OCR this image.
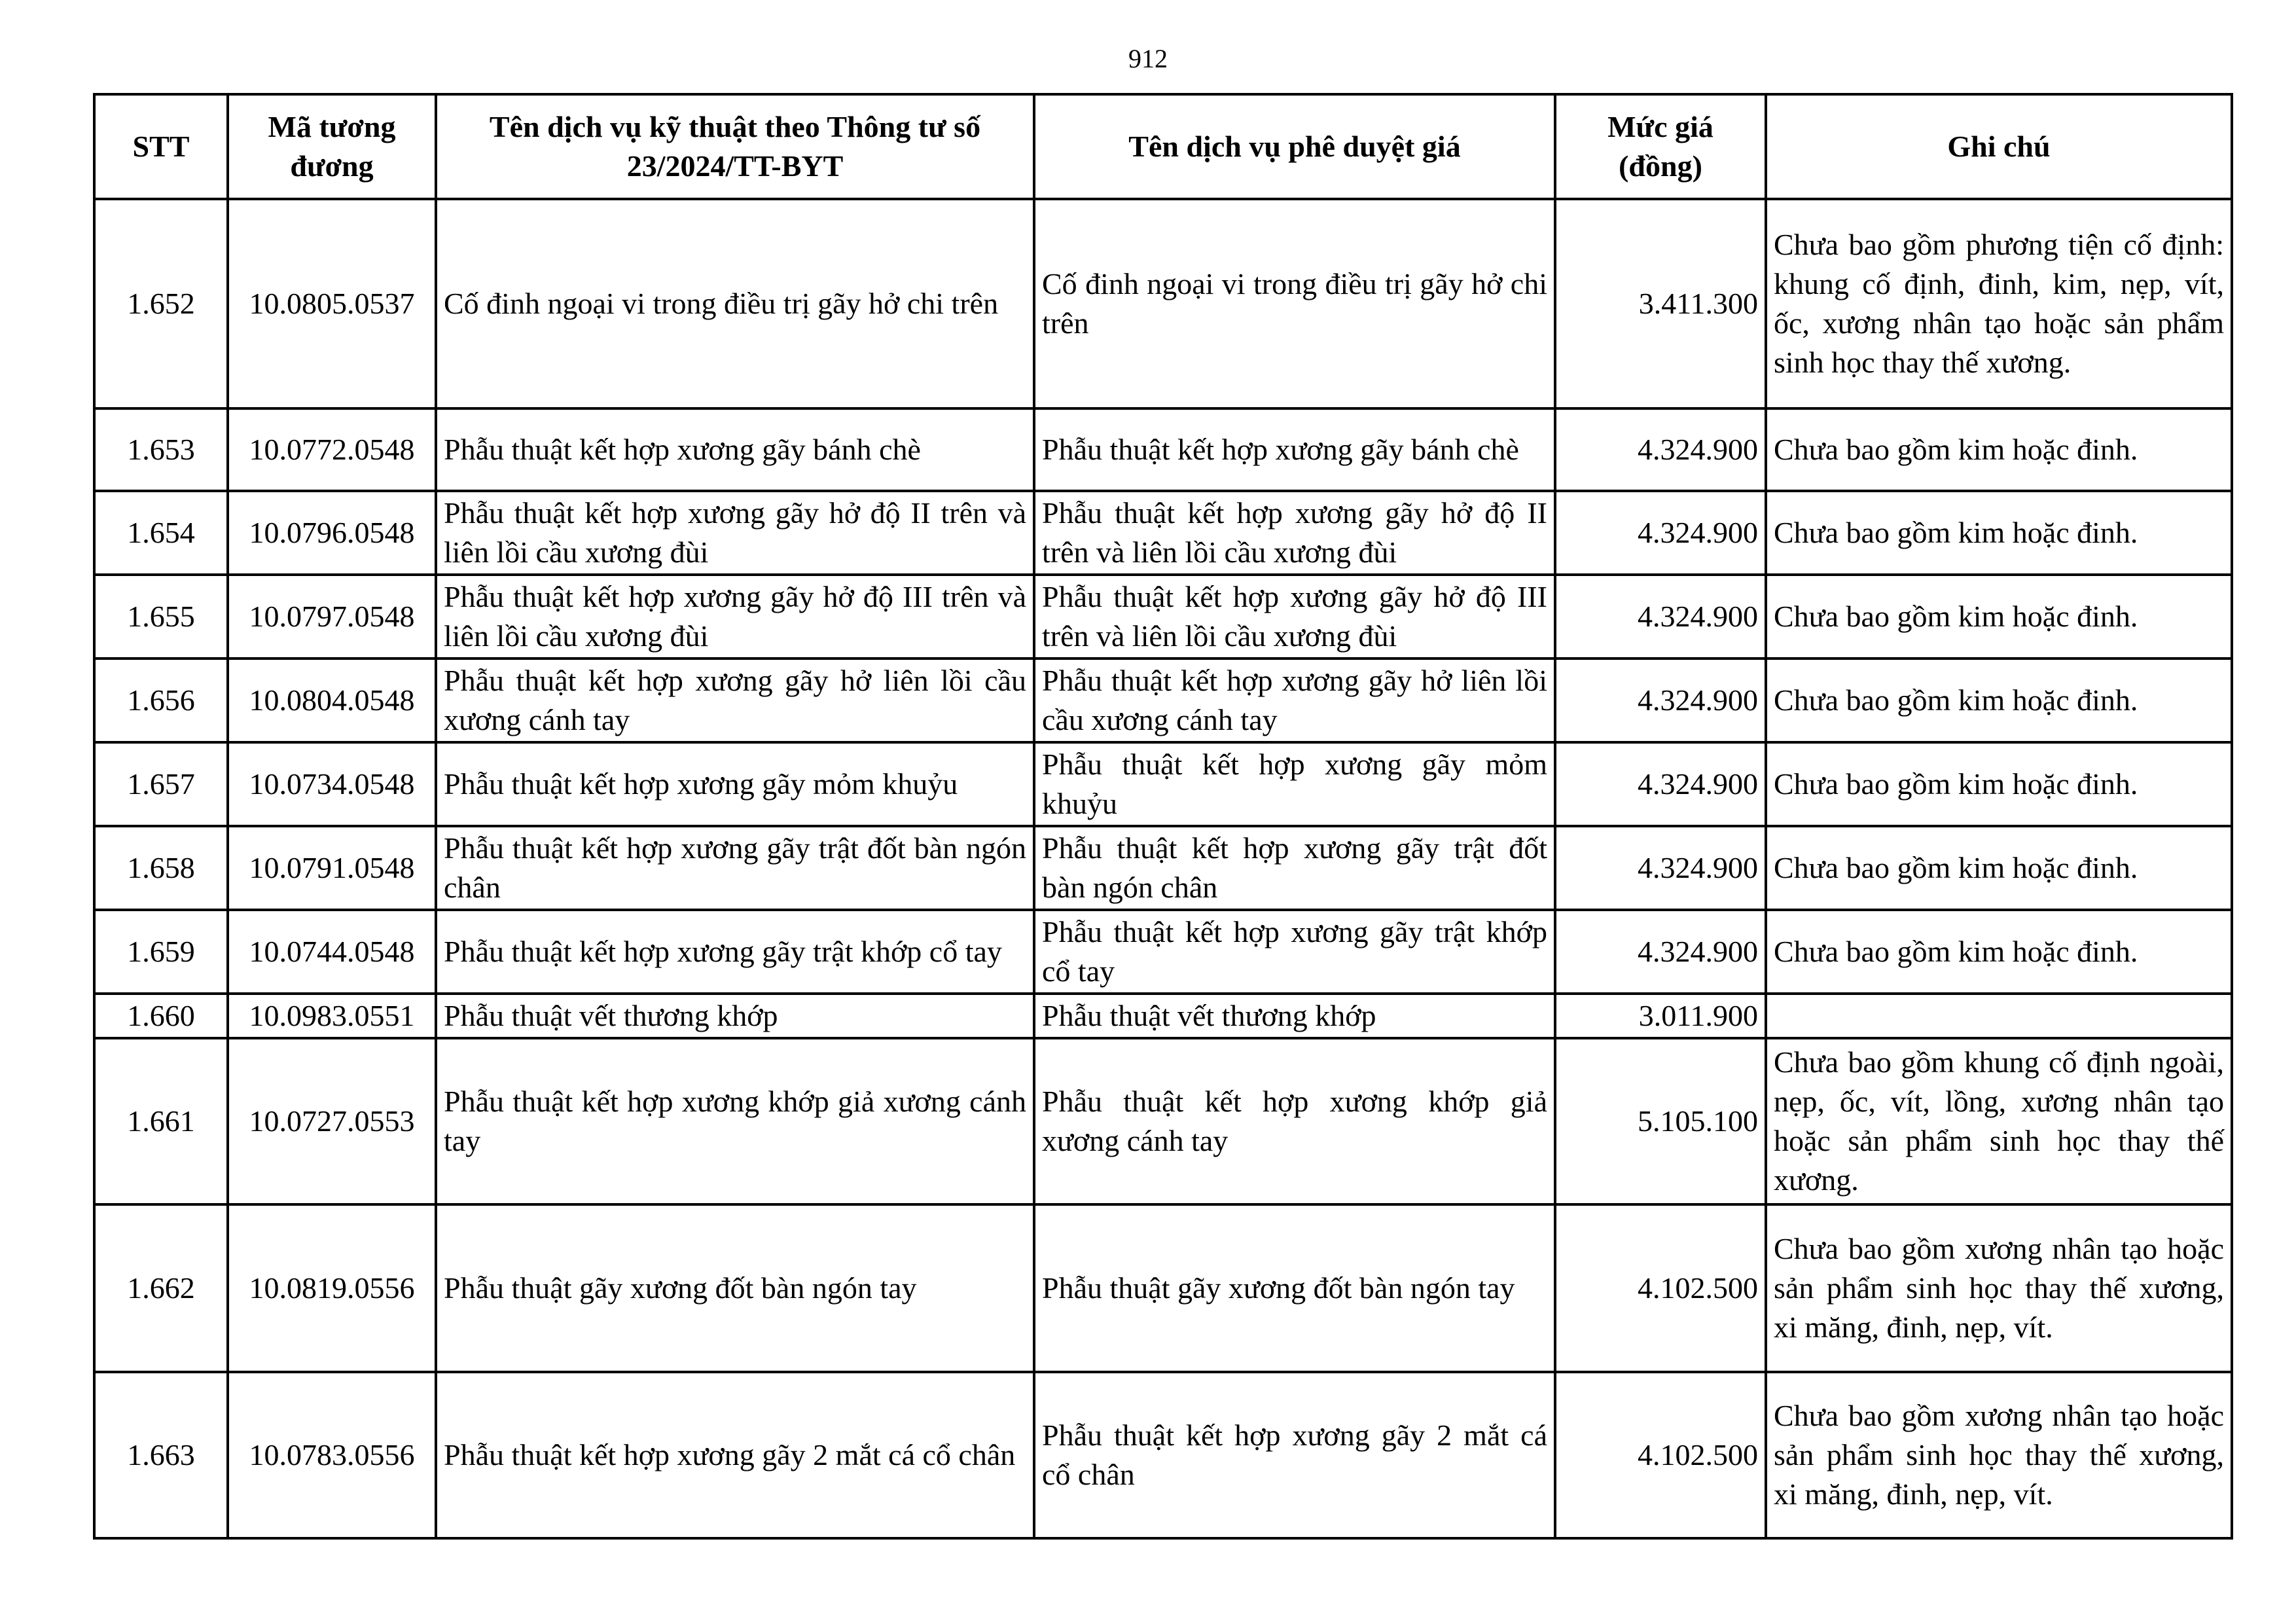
912
STT	Mã tương đương	Tên dịch vụ kỹ thuật theo Thông tư số 23/2024/TT-BYT	Tên dịch vụ phê duyệt giá	Mức giá (đồng)	Ghi chú
1.652	10.0805.0537	Cố đinh ngoại vi trong điều trị gãy hở chi trên	Cố đinh ngoại vi trong điều trị gãy hở chi trên	3.411.300	Chưa bao gồm phương tiện cố định: khung cố định, đinh, kim, nẹp, vít, ốc, xương nhân tạo hoặc sản phẩm sinh học thay thế xương.
1.653	10.0772.0548	Phẫu thuật kết hợp xương gãy bánh chè	Phẫu thuật kết hợp xương gãy bánh chè	4.324.900	Chưa bao gồm kim hoặc đinh.
1.654	10.0796.0548	Phẫu thuật kết hợp xương gãy hở độ II trên và liên lồi cầu xương đùi	Phẫu thuật kết hợp xương gãy hở độ II trên và liên lồi cầu xương đùi	4.324.900	Chưa bao gồm kim hoặc đinh.
1.655	10.0797.0548	Phẫu thuật kết hợp xương gãy hở độ III trên và liên lồi cầu xương đùi	Phẫu thuật kết hợp xương gãy hở độ III trên và liên lồi cầu xương đùi	4.324.900	Chưa bao gồm kim hoặc đinh.
1.656	10.0804.0548	Phẫu thuật kết hợp xương gãy hở liên lồi cầu xương cánh tay	Phẫu thuật kết hợp xương gãy hở liên lồi cầu xương cánh tay	4.324.900	Chưa bao gồm kim hoặc đinh.
1.657	10.0734.0548	Phẫu thuật kết hợp xương gãy mỏm khuỷu	Phẫu thuật kết hợp xương gãy mỏm khuỷu	4.324.900	Chưa bao gồm kim hoặc đinh.
1.658	10.0791.0548	Phẫu thuật kết hợp xương gãy trật đốt bàn ngón chân	Phẫu thuật kết hợp xương gãy trật đốt bàn ngón chân	4.324.900	Chưa bao gồm kim hoặc đinh.
1.659	10.0744.0548	Phẫu thuật kết hợp xương gãy trật khớp cổ tay	Phẫu thuật kết hợp xương gãy trật khớp cổ tay	4.324.900	Chưa bao gồm kim hoặc đinh.
1.660	10.0983.0551	Phẫu thuật vết thương khớp	Phẫu thuật vết thương khớp	3.011.900	
1.661	10.0727.0553	Phẫu thuật kết hợp xương khớp giả xương cánh tay	Phẫu thuật kết hợp xương khớp giả xương cánh tay	5.105.100	Chưa bao gồm khung cố định ngoài, nẹp, ốc, vít, lồng, xương nhân tạo hoặc sản phẩm sinh học thay thế xương.
1.662	10.0819.0556	Phẫu thuật gãy xương đốt bàn ngón tay	Phẫu thuật gãy xương đốt bàn ngón tay	4.102.500	Chưa bao gồm xương nhân tạo hoặc sản phẩm sinh học thay thế xương, xi măng, đinh, nẹp, vít.
1.663	10.0783.0556	Phẫu thuật kết hợp xương gãy 2 mắt cá cổ chân	Phẫu thuật kết hợp xương gãy 2 mắt cá cổ chân	4.102.500	Chưa bao gồm xương nhân tạo hoặc sản phẩm sinh học thay thế xương, xi măng, đinh, nẹp, vít.
